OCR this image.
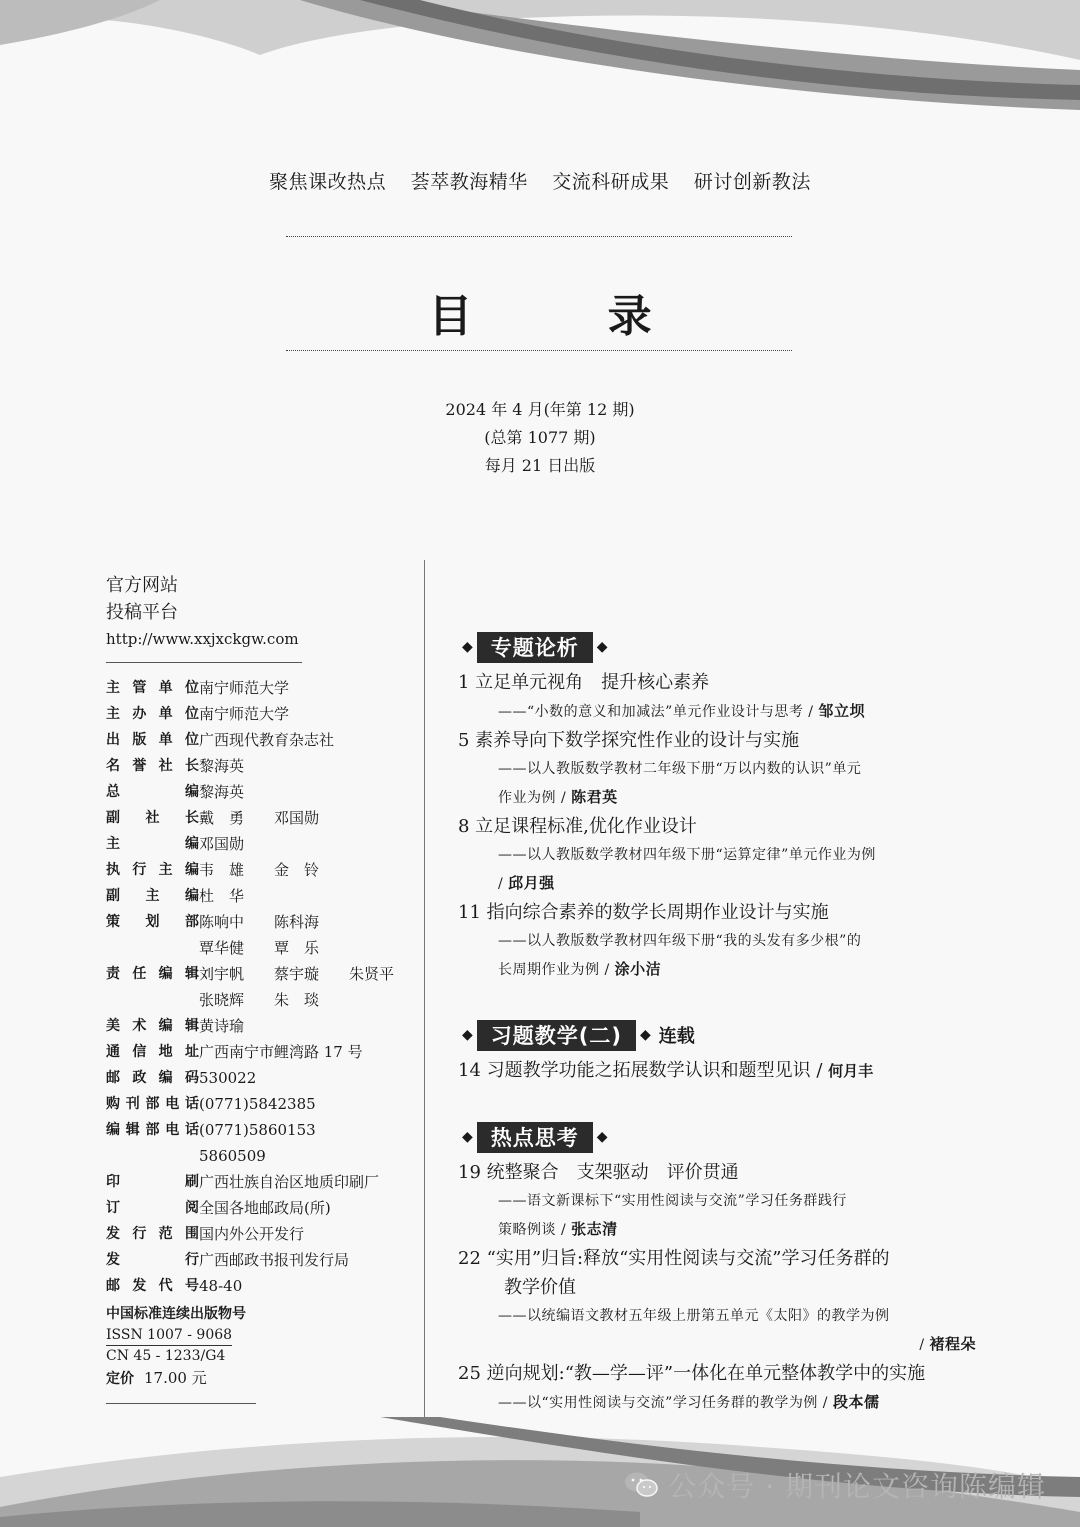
聚焦课改热点 荟萃教海精华 交流科研成果 研讨创新教法
目 录
2024 年 4 月(年第 12 期)
(总第 1077 期)
每月 21 日出版
官方网站
投稿平台
http://www.xxjxckgw.com
主 管 单 位 南宁师范大学
主 办 单 位 南宁师范大学
出 版 单 位 广西现代教育杂志社
名 誉 社 长 黎海英
总	编 黎海英
副 社 长 戴　勇　　邓国勋
主	编 邓国勋
执 行 主 编 韦　雄　　金　铃
副 主 编 杜　华
策 划 部 陈响中　　陈科海
覃华健　　覃　乐
责 任 编 辑 刘宇帆　　蔡宇璇　　朱贤平
张晓辉　　朱　琰
美 术 编 辑 黄诗瑜
通 信 地 址 广西南宁市鲤湾路 17 号
邮 政 编 码 530022
购 刊 部 电 话 (0771)5842385
编 辑 部 电 话 (0771)5860153　　5860509
印	刷 广西壮族自治区地质印刷厂
订	阅 全国各地邮政局(所)
发 行 范 围 国内外公开发行
发	行 广西邮政书报刊发行局
邮 发 代 号 48-40
中国标准连续出版物号
ISSN 1007 - 9068
CN 45 - 1233/G4
定价 17.00 元
◆ 专题论析	◆
1 立足单元视角　提升核心素养
——“小数的意义和加减法”单元作业设计与思考 / 邹立坝
5 素养导向下数学探究性作业的设计与实施
——以人教版数学教材二年级下册“万以内数的认识”单元
作业为例 / 陈君英
8 立足课程标准,优化作业设计
——以人教版数学教材四年级下册“运算定律”单元作业为例
/ 邱月强
11 指向综合素养的数学长周期作业设计与实施
——以人教版数学教材四年级下册“我的头发有多少根”的
长周期作业为例 / 涂小洁
◆ 习题教学(二)	◆ 连载
14 习题教学功能之拓展数学认识和题型见识 / 何月丰
◆ 热点思考	◆
19 统整聚合　支架驱动　评价贯通
——语文新课标下“实用性阅读与交流”学习任务群践行
策略例谈 / 张志清
22 “实用”归旨:释放“实用性阅读与交流”学习任务群的
教学价值
——以统编语文教材五年级上册第五单元《太阳》的教学为例
/ 褚程朵
25 逆向规划:“教—学—评”一体化在单元整体教学中的实施
——以“实用性阅读与交流”学习任务群的教学为例 / 段本儒
公众号 · 期刊论文咨询陈编辑
